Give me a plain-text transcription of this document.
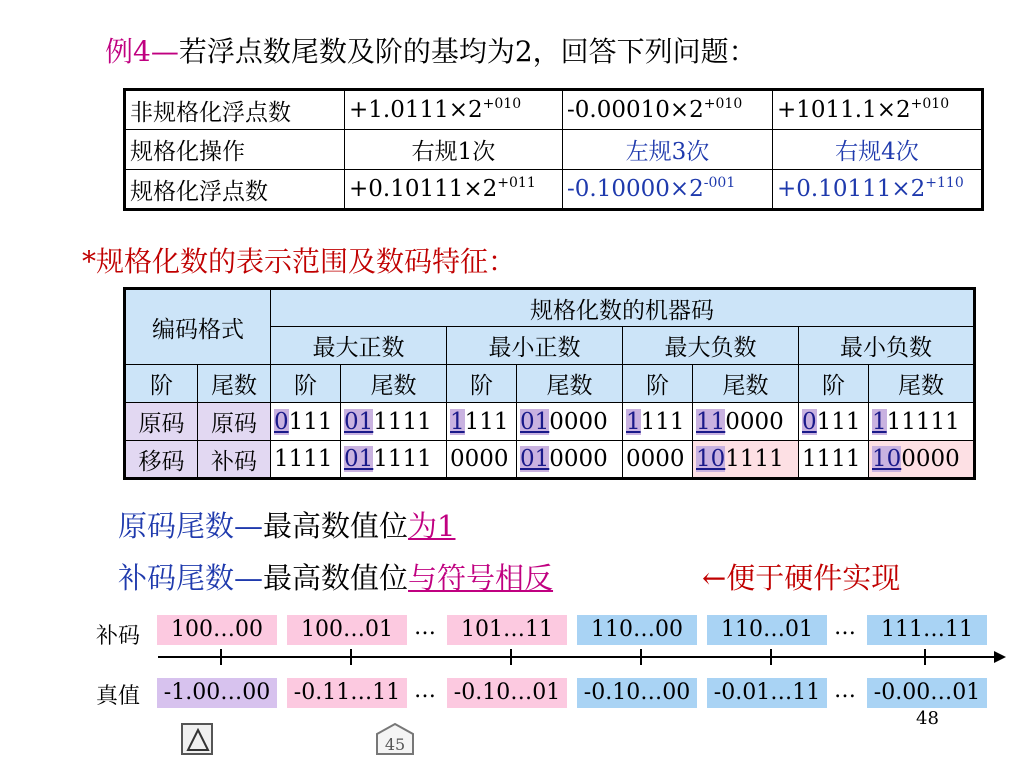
例4—若浮点数尾数及阶的基均为2，回答下列问题：
非规格化浮点数	$+1.0111\times 2^{+010}$	$-0.00010\times 2^{+010}$	$+1011.1\times 2^{+010}$
规格化操作	右规1次	左规3次	右规4次
规格化浮点数	$+0.10111\times 2^{+011}$	$-0.10000\times 2^{-001}$	$+0.10111\times 2^{+110}$
*规格化数的表示范围及数码特征：
编码格式		规格化数的机器码							
		最大正数		最小正数		最大负数		最小负数	
阶	尾数	阶	尾数	阶	尾数	阶	尾数	阶	尾数
原码	原码	0111	011111	1111	010000	1111	110000	0111	111111
移码	补码	1111	011111	0000	010000	0000	101111	1111	100000
原码尾数—最高数值位为1
补码尾数—最高数值位与符号相反	←便于硬件实现
补码
真值
100…00	100…01 …	101…11	110…00	110…01 …	111…11
-1.00…00	-0.11…11 … -0.10…01	-0.10…00	-0.01…11 … -0.00…01
48
45
